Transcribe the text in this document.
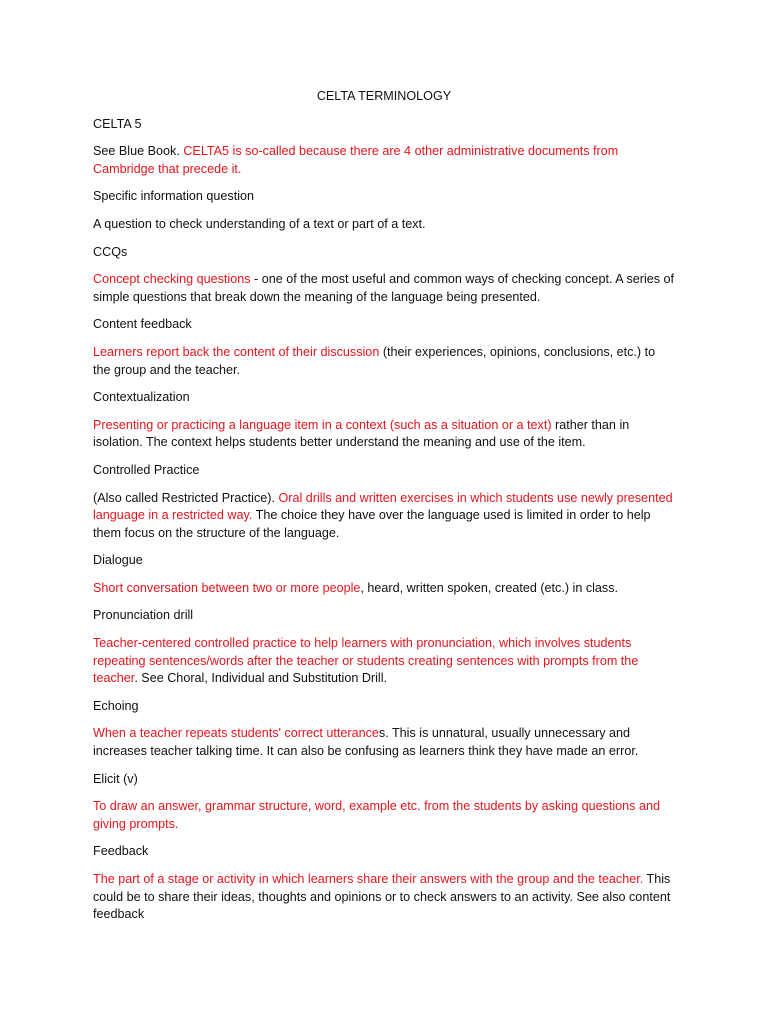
CELTA TERMINOLOGY
CELTA 5
See Blue Book. CELTA5 is so-called because there are 4 other administrative documents from Cambridge that precede it.
Specific information question
A question to check understanding of a text or part of a text.
CCQs
Concept checking questions - one of the most useful and common ways of checking concept. A series of simple questions that break down the meaning of the language being presented.
Content feedback
Learners report back the content of their discussion (their experiences, opinions, conclusions, etc.) to the group and the teacher.
Contextualization
Presenting or practicing a language item in a context (such as a situation or a text) rather than in isolation. The context helps students better understand the meaning and use of the item.
Controlled Practice
(Also called Restricted Practice). Oral drills and written exercises in which students use newly presented language in a restricted way. The choice they have over the language used is limited in order to help them focus on the structure of the language.
Dialogue
Short conversation between two or more people, heard, written spoken, created (etc.) in class.
Pronunciation drill
Teacher-centered controlled practice to help learners with pronunciation, which involves students repeating sentences/words after the teacher or students creating sentences with prompts from the teacher. See Choral, Individual and Substitution Drill.
Echoing
When a teacher repeats students' correct utterances. This is unnatural, usually unnecessary and increases teacher talking time. It can also be confusing as learners think they have made an error.
Elicit (v)
To draw an answer, grammar structure, word, example etc. from the students by asking questions and giving prompts.
Feedback
The part of a stage or activity in which learners share their answers with the group and the teacher. This could be to share their ideas, thoughts and opinions or to check answers to an activity. See also content feedback
